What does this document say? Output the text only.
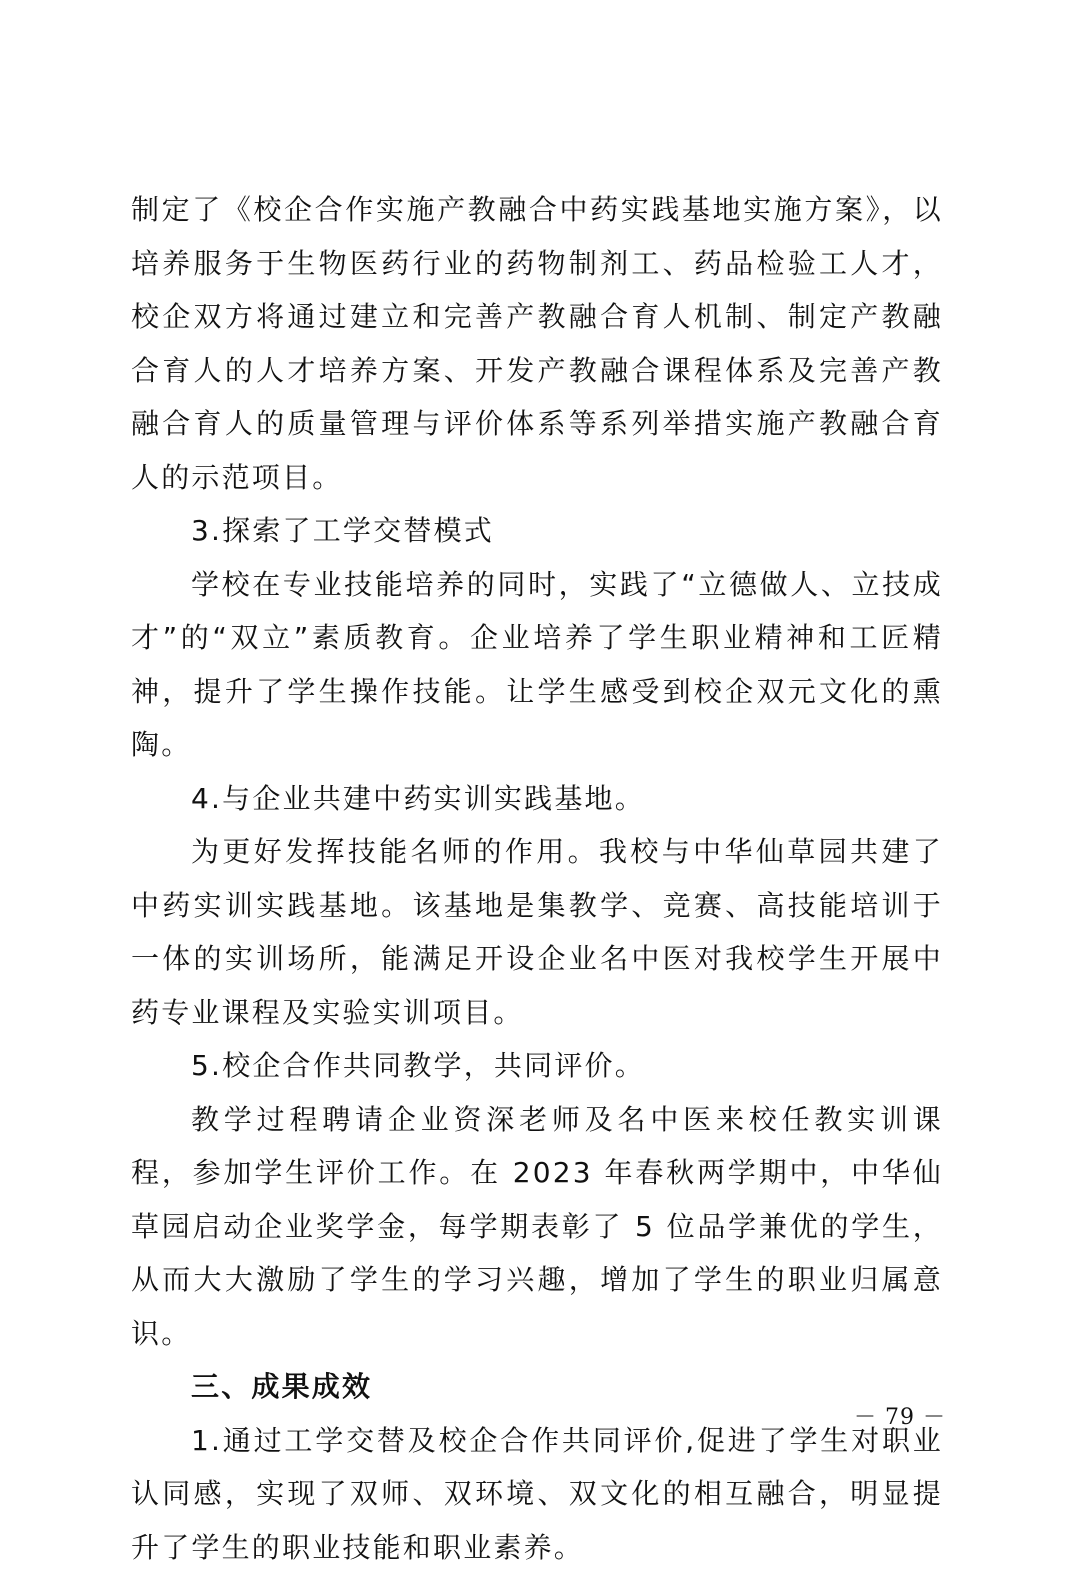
制定了《校企合作实施产教融合中药实践基地实施方案》，以培养服务于生物医药行业的药物制剂工、药品检验工人才，校企双方将通过建立和完善产教融合育人机制、制定产教融合育人的人才培养方案、开发产教融合课程体系及完善产教融合育人的质量管理与评价体系等系列举措实施产教融合育人的示范项目。

3.探索了工学交替模式

学校在专业技能培养的同时，实践了“立德做人、立技成才”的“双立”素质教育。企业培养了学生职业精神和工匠精神，提升了学生操作技能。让学生感受到校企双元文化的熏陶。

4.与企业共建中药实训实践基地。

为更好发挥技能名师的作用。我校与中华仙草园共建了中药实训实践基地。该基地是集教学、竞赛、高技能培训于一体的实训场所，能满足开设企业名中医对我校学生开展中药专业课程及实验实训项目。

5.校企合作共同教学，共同评价。

教学过程聘请企业资深老师及名中医来校任教实训课程，参加学生评价工作。在 2023 年春秋两学期中，中华仙草园启动企业奖学金，每学期表彰了 5 位品学兼优的学生，从而大大激励了学生的学习兴趣，增加了学生的职业归属意识。

三、成果成效

1.通过工学交替及校企合作共同评价,促进了学生对职业认同感，实现了双师、双环境、双文化的相互融合，明显提升了学生的职业技能和职业素养。

－ 79 －
